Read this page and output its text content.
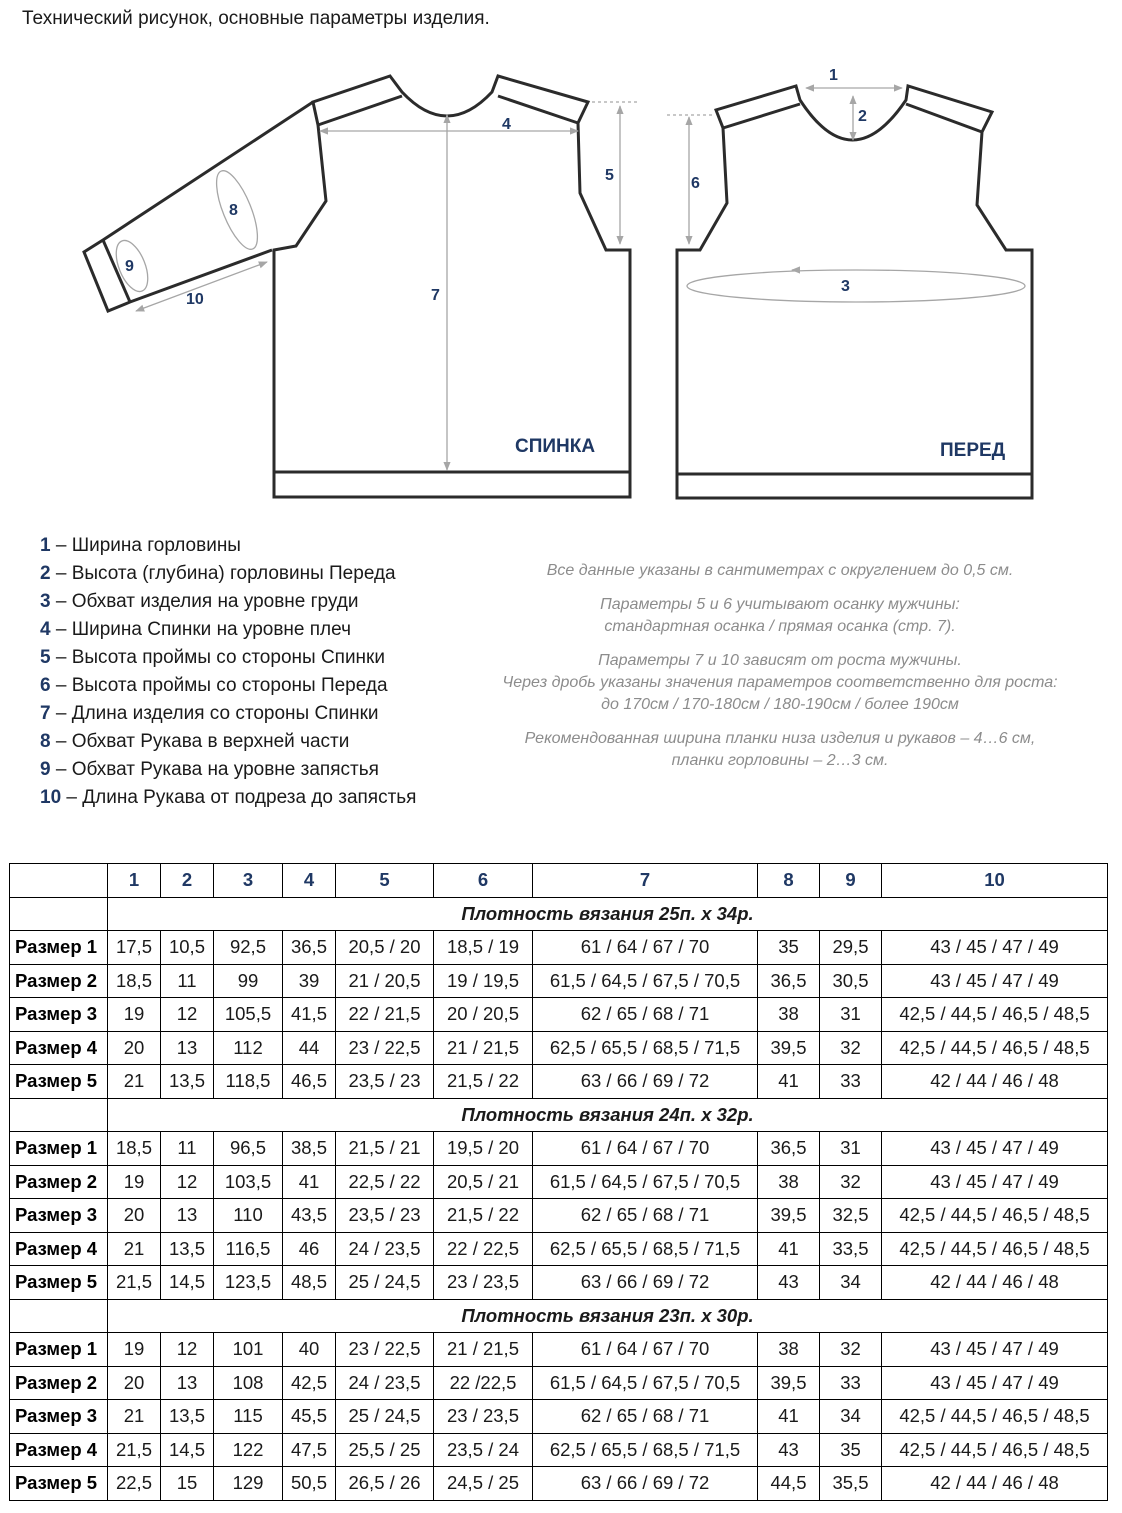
Технический рисунок, основные параметры изделия.
1
2
3
4
5	6
7
8
9
10
СПИНКА	ПЕРЕД
1 – Ширина горловины
2 – Высота (глубина) горловины Переда
3 – Обхват изделия на уровне груди
4 – Ширина Спинки на уровне плеч
5 – Высота проймы со стороны Спинки
6 – Высота проймы со стороны Переда
7 – Длина изделия со стороны Спинки
8 – Обхват Рукава в верхней части
9 – Обхват Рукава на уровне запястья
10 – Длина Рукава от подреза до запястья

Все данные указаны в сантиметрах с округлением до 0,5 см.

Параметры 5 и 6 учитывают осанку мужчины:
стандартная осанка / прямая осанка (стр. 7).

Параметры 7 и 10 зависят от роста мужчины.
Через дробь указаны значения параметров соответственно для роста:
до 170см / 170-180см / 180-190см / более 190см

Рекомендованная ширина планки низа изделия и рукавов – 4…6 см,
планки горловины – 2…3 см.

	1	2	3	4	5	6	7	8	9	10
	Плотность вязания 25п. х 34р.									
Размер 1	17,5	10,5	92,5	36,5	20,5 / 20	18,5 / 19	61 / 64 / 67 / 70	35	29,5	43 / 45 / 47 / 49
Размер 2	18,5	11	99	39	21 / 20,5	19 / 19,5	61,5 / 64,5 / 67,5 / 70,5	36,5	30,5	43 / 45 / 47 / 49
Размер 3	19	12	105,5	41,5	22 / 21,5	20 / 20,5	62 / 65 / 68 / 71	38	31	42,5 / 44,5 / 46,5 / 48,5
Размер 4	20	13	112	44	23 / 22,5	21 / 21,5	62,5 / 65,5 / 68,5 / 71,5	39,5	32	42,5 / 44,5 / 46,5 / 48,5
Размер 5	21	13,5	118,5	46,5	23,5 / 23	21,5 / 22	63 / 66 / 69 / 72	41	33	42 / 44 / 46 / 48
	Плотность вязания 24п. х 32р.									
Размер 1	18,5	11	96,5	38,5	21,5 / 21	19,5 / 20	61 / 64 / 67 / 70	36,5	31	43 / 45 / 47 / 49
Размер 2	19	12	103,5	41	22,5 / 22	20,5 / 21	61,5 / 64,5 / 67,5 / 70,5	38	32	43 / 45 / 47 / 49
Размер 3	20	13	110	43,5	23,5 / 23	21,5 / 22	62 / 65 / 68 / 71	39,5	32,5	42,5 / 44,5 / 46,5 / 48,5
Размер 4	21	13,5	116,5	46	24 / 23,5	22 / 22,5	62,5 / 65,5 / 68,5 / 71,5	41	33,5	42,5 / 44,5 / 46,5 / 48,5
Размер 5	21,5	14,5	123,5	48,5	25 / 24,5	23 / 23,5	63 / 66 / 69 / 72	43	34	42 / 44 / 46 / 48
	Плотность вязания 23п. х 30р.									
Размер 1	19	12	101	40	23 / 22,5	21 / 21,5	61 / 64 / 67 / 70	38	32	43 / 45 / 47 / 49
Размер 2	20	13	108	42,5	24 / 23,5	22 /22,5	61,5 / 64,5 / 67,5 / 70,5	39,5	33	43 / 45 / 47 / 49
Размер 3	21	13,5	115	45,5	25 / 24,5	23 / 23,5	62 / 65 / 68 / 71	41	34	42,5 / 44,5 / 46,5 / 48,5
Размер 4	21,5	14,5	122	47,5	25,5 / 25	23,5 / 24	62,5 / 65,5 / 68,5 / 71,5	43	35	42,5 / 44,5 / 46,5 / 48,5
Размер 5	22,5	15	129	50,5	26,5 / 26	24,5 / 25	63 / 66 / 69 / 72	44,5	35,5	42 / 44 / 46 / 48
